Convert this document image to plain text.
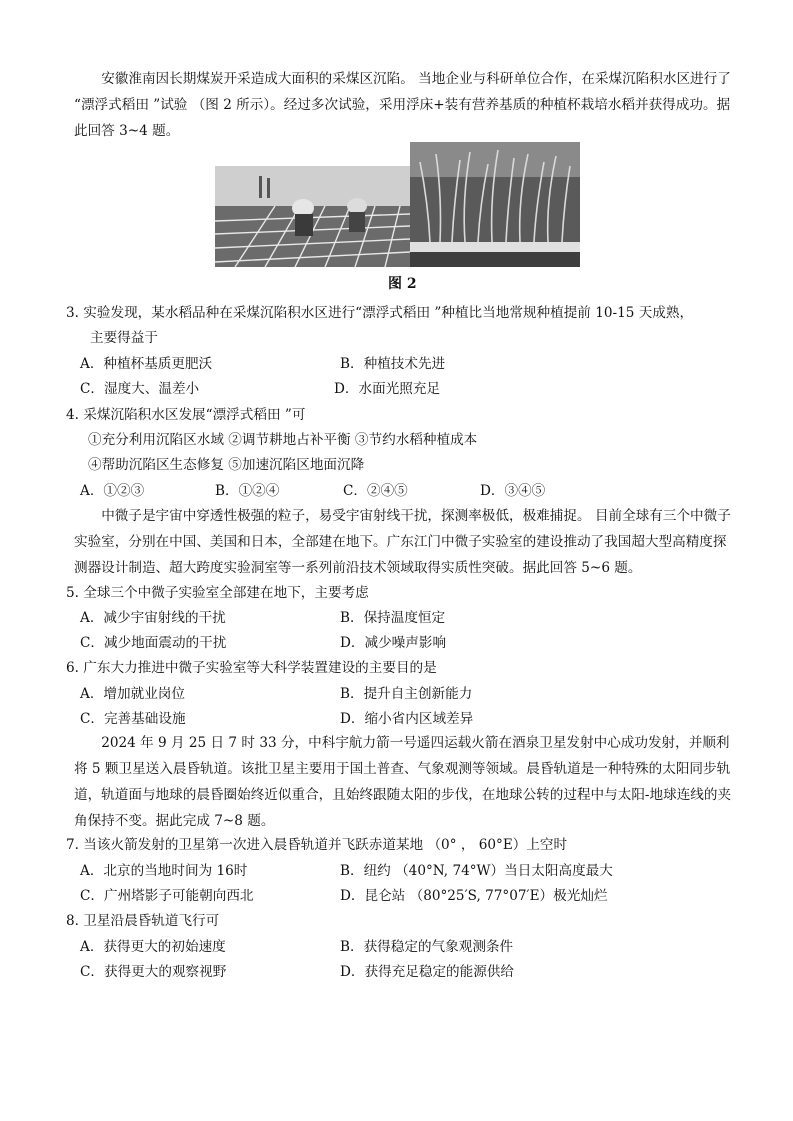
安徽淮南因长期煤炭开采造成大面积的采煤区沉陷。 当地企业与科研单位合作，在采煤沉陷积水区进行了 “漂浮式稻田 ”试验 （图 2 所示）。经过多次试验，采用浮床+装有营养基质的种植杯栽培水稻并获得成功。据此回答 3~4 题。
图 2
3. 实验发现，某水稻品种在采煤沉陷积水区进行“漂浮式稻田 ”种植比当地常规种植提前 10-15 天成熟，
主要得益于
A．种植杯基质更肥沃	B．种植技术先进
C．湿度大、温差小	D．水面光照充足
4. 采煤沉陷积水区发展“漂浮式稻田 ”可
①充分利用沉陷区水域 ②调节耕地占补平衡 ③节约水稻种植成本
④帮助沉陷区生态修复 ⑤加速沉陷区地面沉降
A．①②③	B．①②④	C．②④⑤	D．③④⑤
中微子是宇宙中穿透性极强的粒子，易受宇宙射线干扰，探测率极低，极难捕捉。 目前全球有三个中微子实验室，分别在中国、美国和日本，全部建在地下。广东江门中微子实验室的建设推动了我国超大型高精度探测器设计制造、超大跨度实验洞室等一系列前沿技术领域取得实质性突破。据此回答 5~6 题。
5. 全球三个中微子实验室全部建在地下，主要考虑
A．减少宇宙射线的干扰	B．保持温度恒定
C．减少地面震动的干扰	D．减少噪声影响
6. 广东大力推进中微子实验室等大科学装置建设的主要目的是
A．增加就业岗位	B．提升自主创新能力
C．完善基础设施	D．缩小省内区域差异
2024 年 9 月 25 日 7 时 33 分，中科宇航力箭一号遥四运载火箭在酒泉卫星发射中心成功发射，并顺利将 5 颗卫星送入晨昏轨道。该批卫星主要用于国土普查、气象观测等领域。晨昏轨道是一种特殊的太阳同步轨道，轨道面与地球的晨昏圈始终近似重合，且始终跟随太阳的步伐，在地球公转的过程中与太阳-地球连线的夹角保持不变。据此完成 7~8 题。
7. 当该火箭发射的卫星第一次进入晨昏轨道并飞跃赤道某地 （0° ， 60°E）上空时
A．北京的当地时间为 16时	B．纽约 （40°N, 74°W）当日太阳高度最大
C．广州塔影子可能朝向西北	D．昆仑站 （80°25′S, 77°07′E）极光灿烂
8. 卫星沿晨昏轨道飞行可
A．获得更大的初始速度	B．获得稳定的气象观测条件
C．获得更大的观察视野	D．获得充足稳定的能源供给
